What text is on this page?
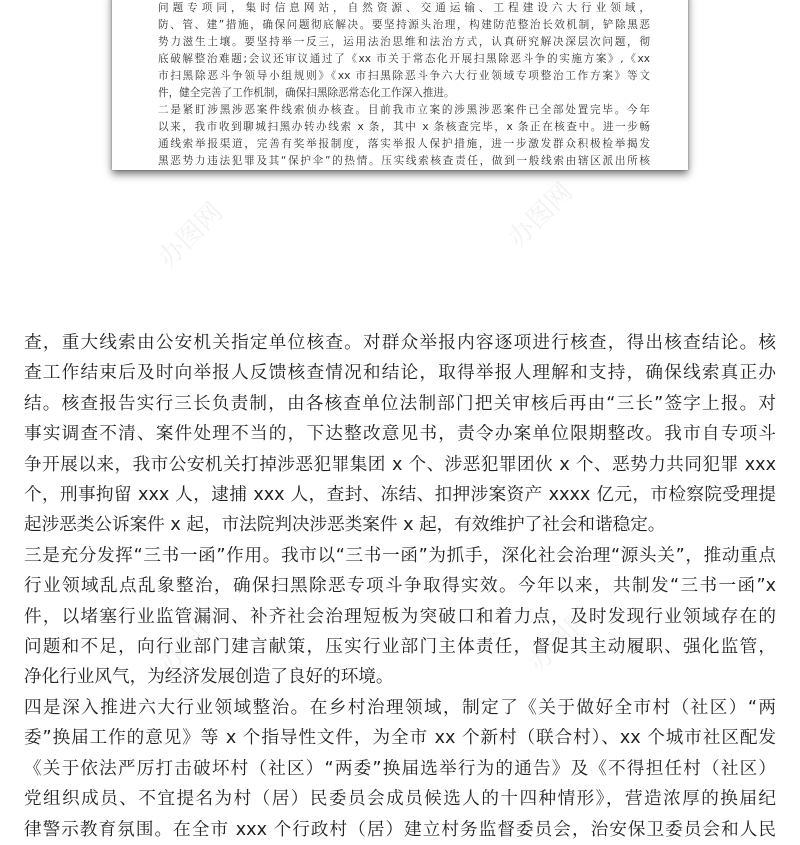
问题专项同，集时信息网站，自然资源、交通运输、工程建设六大行业领域，
防、管、建”措施，确保问题彻底解决。要坚持源头治理，构建防范整治长效机制，铲除黑恶
势力滋生土壤。要坚持举一反三，运用法治思维和法治方式，认真研究解决深层次问题，彻
底破解整治难题;会议还审议通过了《xx 市关于常态化开展扫黑除恶斗争的实施方案》,《xx
市扫黑除恶斗争领导小组规则》《xx 市扫黑除恶斗争六大行业领域专项整治工作方案》等文
件，健全完善了工作机制，确保扫黑除恶常态化工作深入推进。
二是紧盯涉黑涉恶案件线索侦办核查。目前我市立案的涉黑涉恶案件已全部处置完毕。今年
以来，我市收到聊城扫黑办转办线索 x 条，其中 x 条核查完毕，x 条正在核查中。进一步畅
通线索举报渠道，完善有奖举报制度，落实举报人保护措施，进一步激发群众积极检举揭发
黑恶势力违法犯罪及其“保护伞”的热情。压实线索核查责任，做到一般线索由辖区派出所核
办图网	办图网
查，重大线索由公安机关指定单位核查。对群众举报内容逐项进行核查，得出核查结论。核
查工作结束后及时向举报人反馈核查情况和结论，取得举报人理解和支持，确保线索真正办
结。核查报告实行三长负责制，由各核查单位法制部门把关审核后再由“三长”签字上报。对
事实调查不清、案件处理不当的，下达整改意见书，责令办案单位限期整改。我市自专项斗
争开展以来，我市公安机关打掉涉恶犯罪集团 x 个、涉恶犯罪团伙 x 个、恶势力共同犯罪 xxx
个，刑事拘留 xxx 人，逮捕 xxx 人，查封、冻结、扣押涉案资产 xxxx 亿元，市检察院受理提
起涉恶类公诉案件 x 起，市法院判决涉恶类案件 x 起，有效维护了社会和谐稳定。
三是充分发挥“三书一函”作用。我市以“三书一函”为抓手，深化社会治理“源头关”，推动重点
行业领域乱点乱象整治，确保扫黑除恶专项斗争取得实效。今年以来，共制发“三书一函”x
件，以堵塞行业监管漏洞、补齐社会治理短板为突破口和着力点，及时发现行业领域存在的
问题和不足，向行业部门建言献策，压实行业部门主体责任，督促其主动履职、强化监管，
净化行业风气，为经济发展创造了良好的环境。
四是深入推进六大行业领域整治。在乡村治理领域，制定了《关于做好全市村（社区）“两
委”换届工作的意见》等 x 个指导性文件，为全市 xx 个新村（联合村）、xx 个城市社区配发
《关于依法严厉打击破坏村（社区）“两委”换届选举行为的通告》及《不得担任村（社区）
党组织成员、不宜提名为村（居）民委员会成员候选人的十四种情形》，营造浓厚的换届纪
律警示教育氛围。在全市 xxx 个行政村（居）建立村务监督委员会，治安保卫委员会和人民
